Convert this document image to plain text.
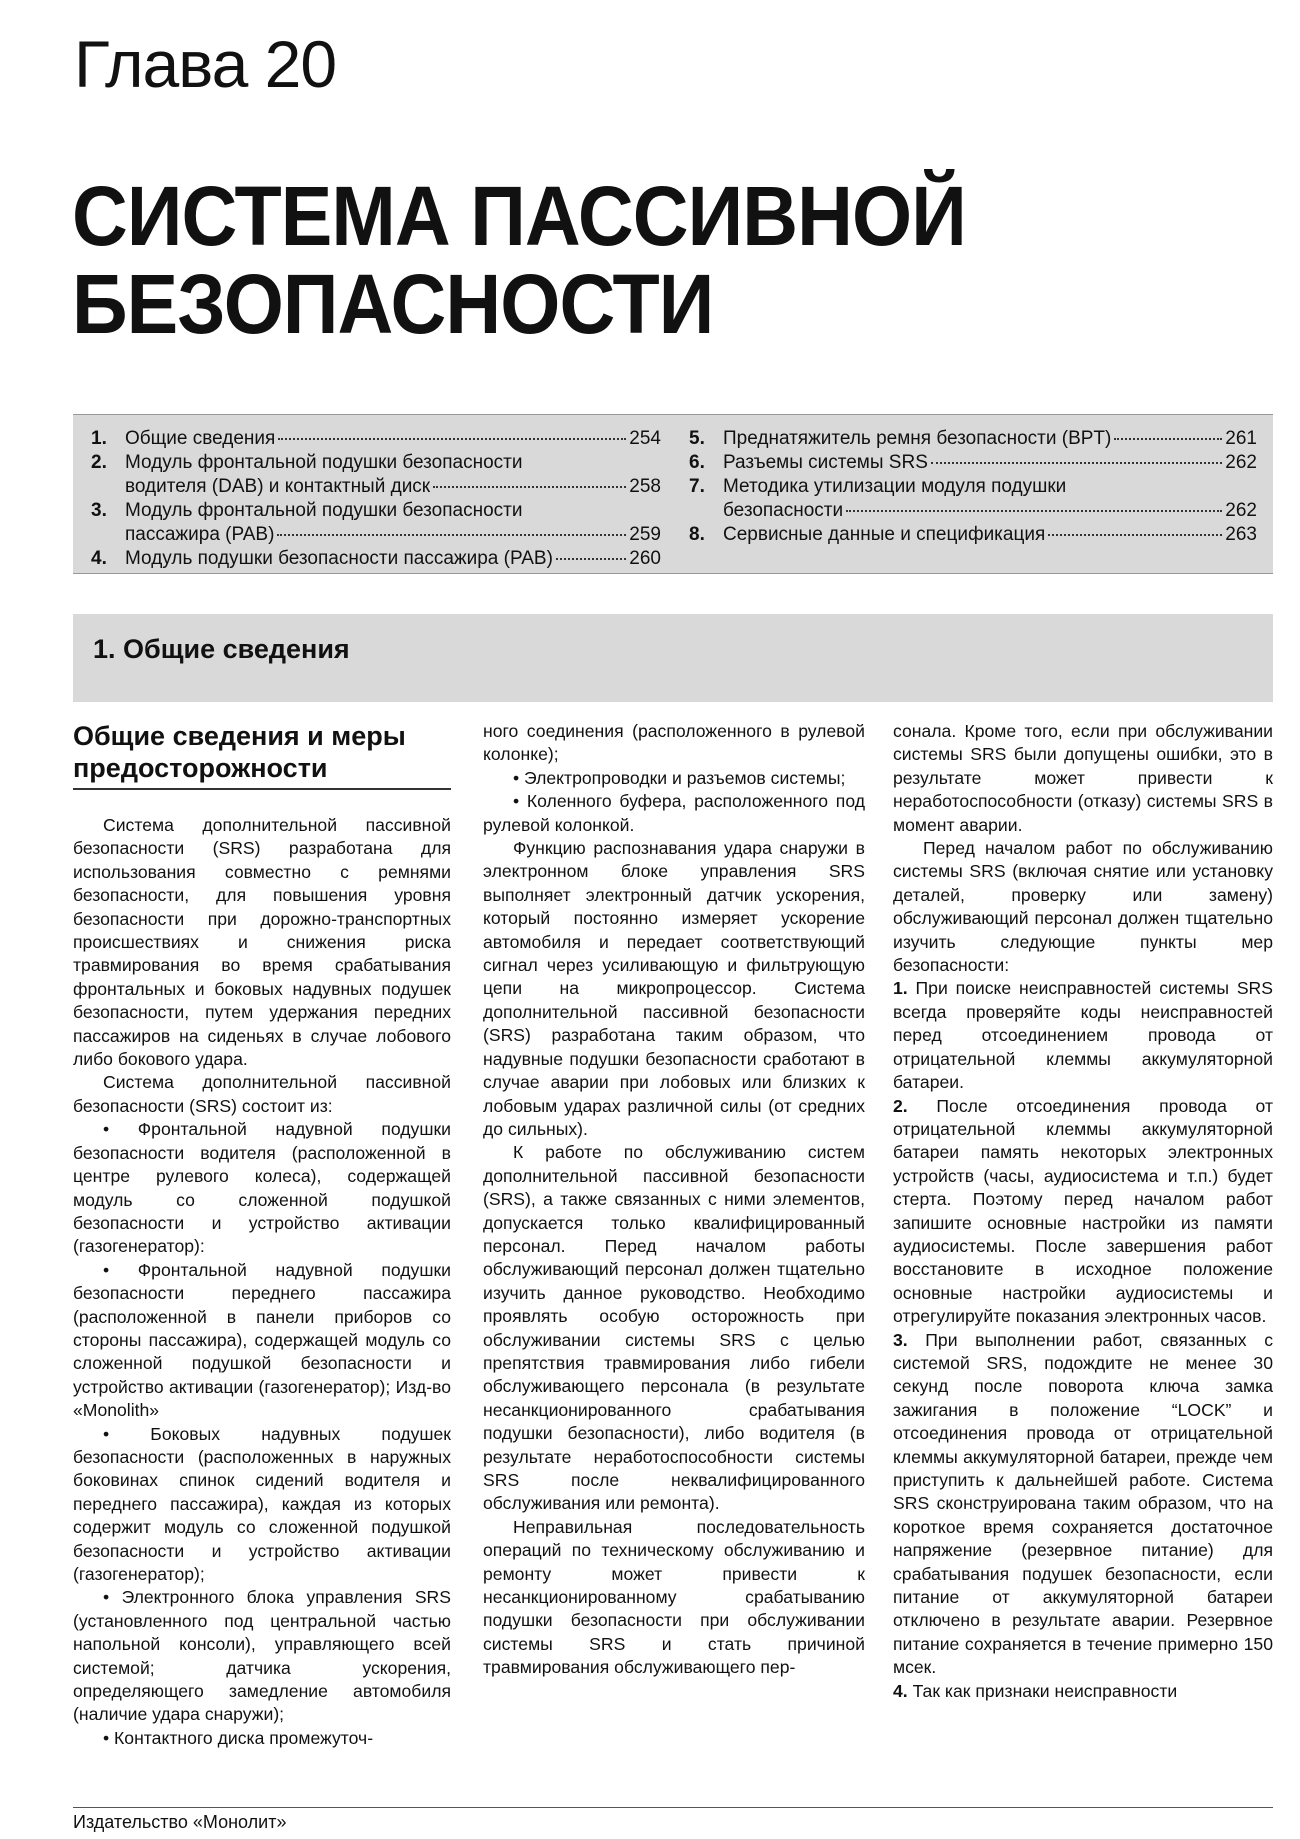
Глава 20
СИСТЕМА ПАССИВНОЙ
БЕЗОПАСНОСТИ
1. Общие сведения	254
2. Модуль фронтальной подушки безопасности
водителя (DAB) и контактный диск	258
3. Модуль фронтальной подушки безопасности
пассажира (PAB)	259
4. Модуль подушки безопасности пассажира (PAB)	260
5. Преднатяжитель ремня безопасности (BPT)	261
6. Разъемы системы SRS	262
7. Методика утилизации модуля подушки
безопасности	262
8. Сервисные данные и спецификация	263
1. Общие сведения
Общие сведения и меры предосторожности

Система дополнительной пассивной безопасности (SRS) разработана для использования совместно с ремнями безопасности, для повышения уровня безопасности при дорожно-транспортных происшествиях и снижения риска травмирования во время срабатывания фронтальных и боковых надувных подушек безопасности, путем удержания передних пассажиров на сиденьях в случае лобового либо бокового удара.

Система дополнительной пассивной безопасности (SRS) состоит из:

• Фронтальной надувной подушки безопасности водителя (расположенной в центре рулевого колеса), содержащей модуль со сложенной подушкой безопасности и устройство активации (газогенератор):

• Фронтальной надувной подушки безопасности переднего пассажира (расположенной в панели приборов со стороны пассажира), содержащей модуль со сложенной подушкой безопасности и устройство активации (газогенератор); Изд-во «Monolith»

• Боковых надувных подушек безопасности (расположенных в наружных боковинах спинок сидений водителя и переднего пассажира), каждая из которых содержит модуль со сложенной подушкой безопасности и устройство активации (газогенератор);

• Электронного блока управления SRS (установленного под центральной частью напольной консоли), управляющего всей системой; датчика ускорения, определяющего замедление автомобиля (наличие удара снаружи);

• Контактного диска промежуточ-

ного соединения (расположенного в рулевой колонке);

• Электропроводки и разъемов системы;

• Коленного буфера, расположенного под рулевой колонкой.

Функцию распознавания удара снаружи в электронном блоке управления SRS выполняет электронный датчик ускорения, который постоянно измеряет ускорение автомобиля и передает соответствующий сигнал через усиливающую и фильтрующую цепи на микропроцессор. Система дополнительной пассивной безопасности (SRS) разработана таким образом, что надувные подушки безопасности сработают в случае аварии при лобовых или близких к лобовым ударах различной силы (от средних до сильных).

К работе по обслуживанию систем дополнительной пассивной безопасности (SRS), а также связанных с ними элементов, допускается только квалифицированный персонал. Перед началом работы обслуживающий персонал должен тщательно изучить данное руководство. Необходимо проявлять особую осторожность при обслуживании системы SRS с целью препятствия травмирования либо гибели обслуживающего персонала (в результате несанкционированного срабатывания подушки безопасности), либо водителя (в результате неработоспособности системы SRS после неквалифицированного обслуживания или ремонта).

Неправильная последовательность операций по техническому обслуживанию и ремонту может привести к несанкционированному срабатыванию подушки безопасности при обслуживании системы SRS и стать причиной травмирования обслуживающего пер-

сонала. Кроме того, если при обслуживании системы SRS были допущены ошибки, это в результате может привести к неработоспособности (отказу) системы SRS в момент аварии.

Перед началом работ по обслуживанию системы SRS (включая снятие или установку деталей, проверку или замену) обслуживающий персонал должен тщательно изучить следующие пункты мер безопасности:

1. При поиске неисправностей системы SRS всегда проверяйте коды неисправностей перед отсоединением провода от отрицательной клеммы аккумуляторной батареи.

2. После отсоединения провода от отрицательной клеммы аккумуляторной батареи память некоторых электронных устройств (часы, аудиосистема и т.п.) будет стерта. Поэтому перед началом работ запишите основные настройки из памяти аудиосистемы. После завершения работ восстановите в исходное положение основные настройки аудиосистемы и отрегулируйте показания электронных часов.

3. При выполнении работ, связанных с системой SRS, подождите не менее 30 секунд после поворота ключа замка зажигания в положение “LOCK” и отсоединения провода от отрицательной клеммы аккумуляторной батареи, прежде чем приступить к дальнейшей работе. Система SRS сконструирована таким образом, что на короткое время сохраняется достаточное напряжение (резервное питание) для срабатывания подушек безопасности, если питание от аккумуляторной батареи отключено в результате аварии. Резервное питание сохраняется в течение примерно 150 мсек.

4. Так как признаки неисправности

Издательство «Монолит»
